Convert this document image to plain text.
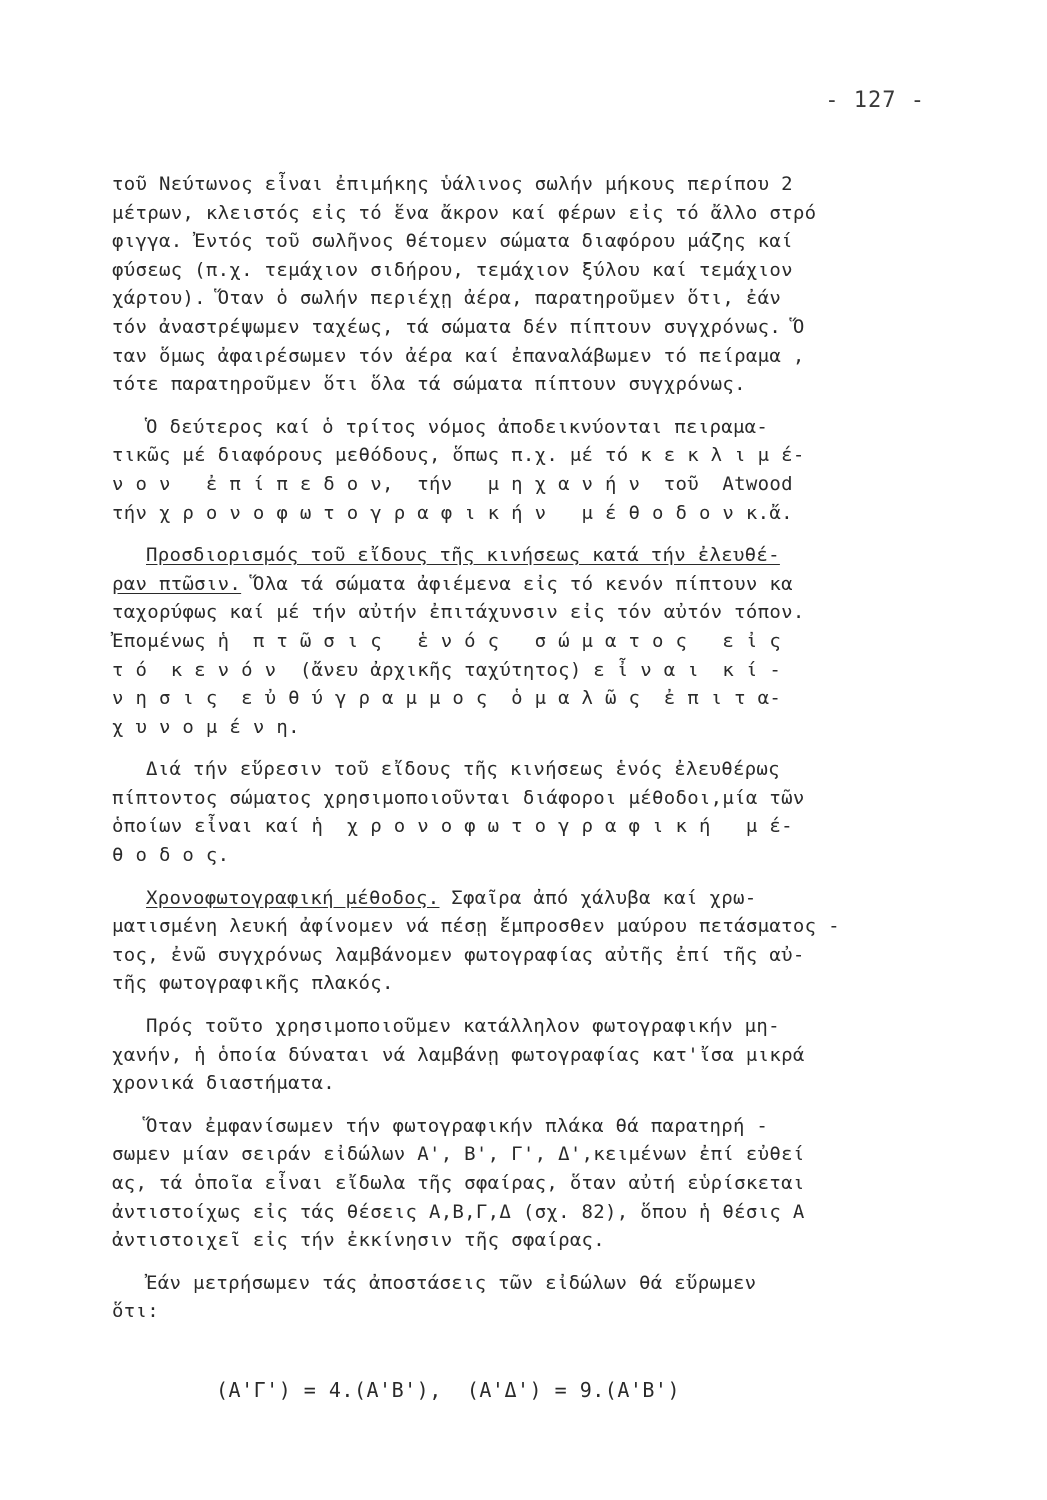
- 127 -
τοῦ Νεύτωνος εἶναι ἐπιμήκης ὑάλινος σωλήν μήκους περίπου 2
μέτρων, κλειστός εἰς τό ἕνα ἄκρον καί φέρων εἰς τό ἄλλο στρό
φιγγα. Ἐντός τοῦ σωλῆνος θέτομεν σώματα διαφόρου μάζης καί
φύσεως (π.χ. τεμάχιον σιδήρου, τεμάχιον ξύλου καί τεμάχιον
χάρτου). Ὅταν ὁ σωλήν περιέχῃ ἀέρα, παρατηροῦμεν ὅτι, ἐάν
τόν ἀναστρέψωμεν ταχέως, τά σώματα δέν πίπτουν συγχρόνως. Ὅ
ταν ὅμως ἀφαιρέσωμεν τόν ἀέρα καί ἐπαναλάβωμεν τό πείραμα ,
τότε παρατηροῦμεν ὅτι ὅλα τά σώματα πίπτουν συγχρόνως.
Ὁ δεύτερος καί ὁ τρίτος νόμος ἀποδεικνύονται πειραμα-
τικῶς μέ διαφόρους μεθόδους, ὅπως π.χ. μέ τό κ ε κ λ ι μ έ-
ν ο ν   ἐ π ί π ε δ ο ν,  τήν   μ η χ α ν ή ν  τοῦ  Atwood
τήν χ ρ ο ν ο φ ω τ ο γ ρ α φ ι κ ή ν   μ έ θ ο δ ο ν κ.ἄ.
Προσδιορισμός τοῦ εἴδους τῆς κινήσεως κατά τήν ἐλευθέ-
ραν πτῶσιν. Ὅλα τά σώματα ἀφιέμενα εἰς τό κενόν πίπτουν κα
ταχορύφως καί μέ τήν αὐτήν ἐπιτάχυνσιν εἰς τόν αὐτόν τόπον.
Ἐπομένως ἡ  π τ ῶ σ ι ς   ἑ ν ό ς   σ ώ μ α τ ο ς   ε ἰ ς
τ ό  κ ε ν ό ν  (ἄνευ ἀρχικῆς ταχύτητος) ε ἶ ν α ι  κ ί -
ν η σ ι ς  ε ὐ θ ύ γ ρ α μ μ ο ς  ὁ μ α λ ῶ ς  ἐ π ι τ α-
χ υ ν ο μ έ ν η.
Διά τήν εὕρεσιν τοῦ εἴδους τῆς κινήσεως ἑνός ἐλευθέρως
πίπτοντος σώματος χρησιμοποιοῦνται διάφοροι μέθοδοι,μία τῶν
ὁποίων εἶναι καί ἡ  χ ρ ο ν ο φ ω τ ο γ ρ α φ ι κ ή   μ έ-
θ ο δ ο ς.
Χρονοφωτογραφική μέθοδος. Σφαῖρα ἀπό χάλυβα καί χρω-
ματισμένη λευκή ἀφίνομεν νά πέσῃ ἔμπροσθεν μαύρου πετάσματος -
τος, ἐνῶ συγχρόνως λαμβάνομεν φωτογραφίας αὐτῆς ἐπί τῆς αὐ-
τῆς φωτογραφικῆς πλακός.
Πρός τοῦτο χρησιμοποιοῦμεν κατάλληλον φωτογραφικήν μη-
χανήν, ἡ ὁποία δύναται νά λαμβάνῃ φωτογραφίας κατ'ἴσα μικρά
χρονικά διαστήματα.
Ὅταν ἐμφανίσωμεν τήν φωτογραφικήν πλάκα θά παρατηρή -
σωμεν μίαν σειράν εἰδώλων Α', Β', Γ', Δ',κειμένων ἐπί εὐθεί
ας, τά ὁποῖα εἶναι εἴδωλα τῆς σφαίρας, ὅταν αὐτή εὑρίσκεται
ἀντιστοίχως εἰς τάς θέσεις Α,Β,Γ,Δ (σχ. 82), ὅπου ἡ θέσις Α
ἀντιστοιχεῖ εἰς τήν ἐκκίνησιν τῆς σφαίρας.
Ἐάν μετρήσωμεν τάς ἀποστάσεις τῶν εἰδώλων θά εὕρωμεν
ὅτι:
(Α'Γ') = 4.(Α'Β'),  (Α'Δ') = 9.(Α'Β')
